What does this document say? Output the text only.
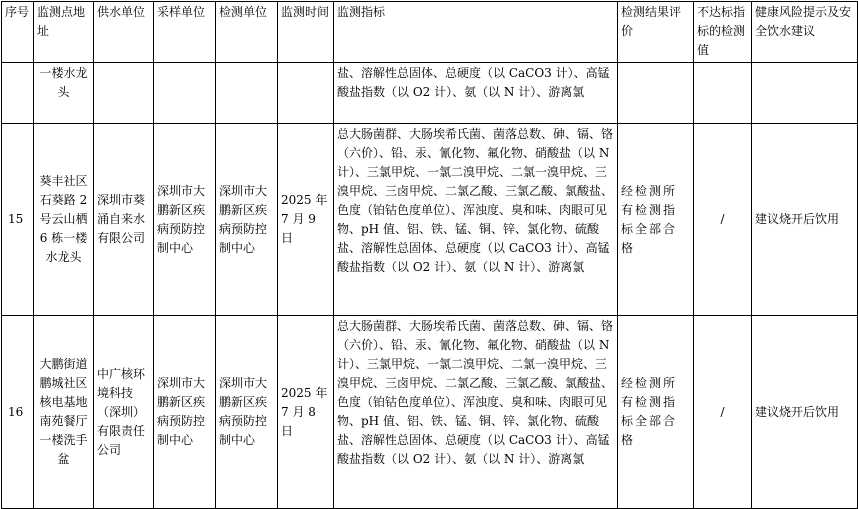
序号	监测点地址	供水单位	采样单位	检测单位	监测时间	监测指标	检测结果评价	不达标指标的检测值	健康风险提示及安全饮水建议
	一楼水龙头					盐、溶解性总固体、总硬度（以 CaCO3 计）、高锰酸盐指数（以 O2 计）、氨（以 N 计）、游离氯			
15	葵丰社区石葵路 2 号云山栖 6 栋一楼水龙头	深圳市葵涌自来水有限公司	深圳市大鹏新区疾病预防控制中心	深圳市大鹏新区疾病预防控制中心	2025 年 7 月 9 日	总大肠菌群、大肠埃希氏菌、菌落总数、砷、镉、铬（六价）、铅、汞、氰化物、氟化物、硝酸盐（以 N 计）、三氯甲烷、一氯二溴甲烷、二氯一溴甲烷、三溴甲烷、三卤甲烷、二氯乙酸、三氯乙酸、氯酸盐、色度（铂钴色度单位）、浑浊度、臭和味、肉眼可见物、pH 值、铝、铁、锰、铜、锌、氯化物、硫酸盐、溶解性总固体、总硬度（以 CaCO3 计）、高锰酸盐指数（以 O2 计）、氨（以 N 计）、游离氯	经检测所有检测指标全部合格	/	建议烧开后饮用
16	大鹏街道鹏城社区核电基地南苑餐厅一楼洗手盆	中广核环境科技（深圳）有限责任公司	深圳市大鹏新区疾病预防控制中心	深圳市大鹏新区疾病预防控制中心	2025 年 7 月 8 日	总大肠菌群、大肠埃希氏菌、菌落总数、砷、镉、铬（六价）、铅、汞、氰化物、氟化物、硝酸盐（以 N 计）、三氯甲烷、一氯二溴甲烷、二氯一溴甲烷、三溴甲烷、三卤甲烷、二氯乙酸、三氯乙酸、氯酸盐、色度（铂钴色度单位）、浑浊度、臭和味、肉眼可见物、pH 值、铝、铁、锰、铜、锌、氯化物、硫酸盐、溶解性总固体、总硬度（以 CaCO3 计）、高锰酸盐指数（以 O2 计）、氨（以 N 计）、游离氯	经检测所有检测指标全部合格	/	建议烧开后饮用
